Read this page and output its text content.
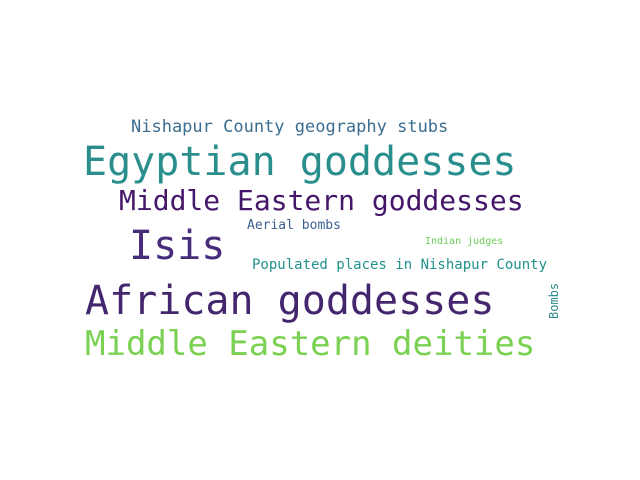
Nishapur County geography stubs
Egyptian goddesses
Middle Eastern goddesses
Aerial bombs
Isis	Indian judges
Populated places in Nishapur County
African goddesses
Middle Eastern deities
Bombs
